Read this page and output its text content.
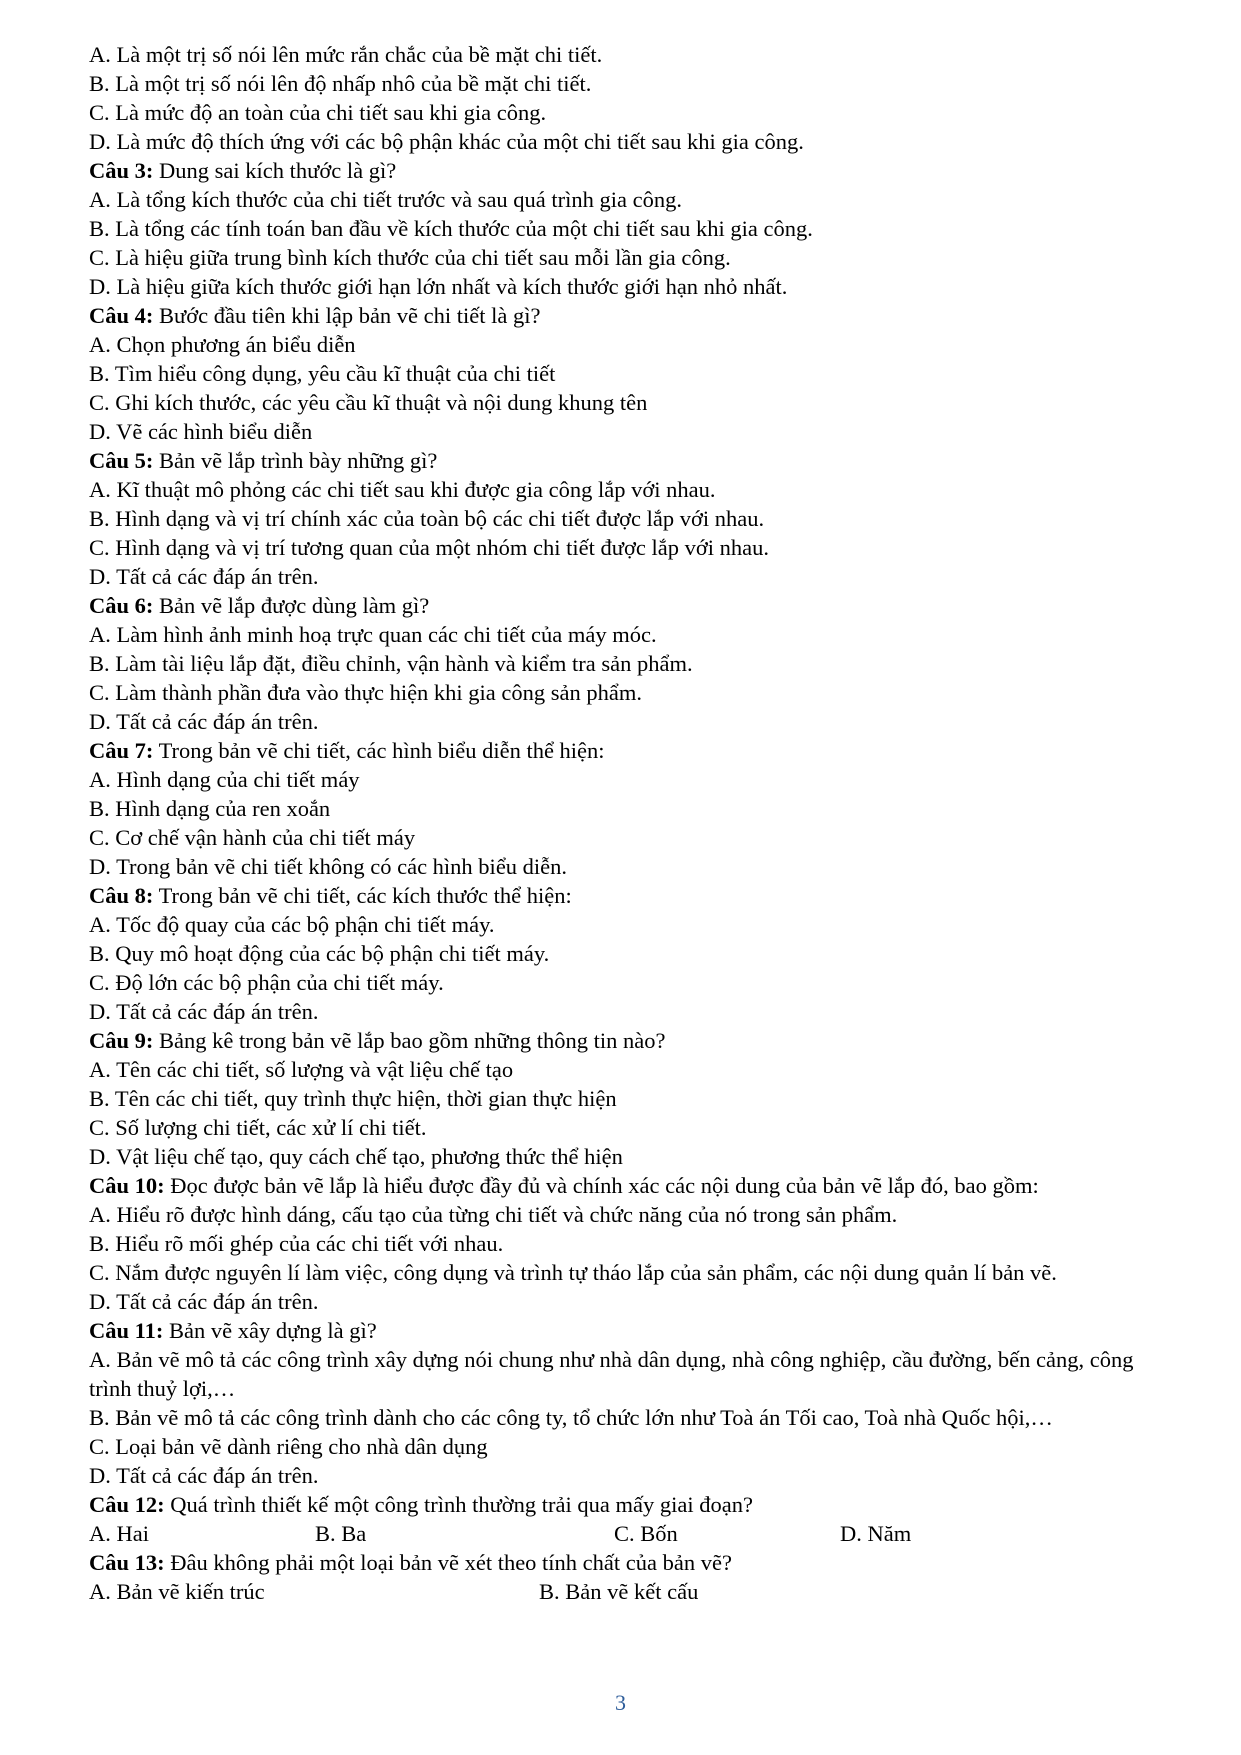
A. Là một trị số nói lên mức rắn chắc của bề mặt chi tiết.
B. Là một trị số nói lên độ nhấp nhô của bề mặt chi tiết.
C. Là mức độ an toàn của chi tiết sau khi gia công.
D. Là mức độ thích ứng với các bộ phận khác của một chi tiết sau khi gia công.
Câu 3: Dung sai kích thước là gì?
A. Là tổng kích thước của chi tiết trước và sau quá trình gia công.
B. Là tổng các tính toán ban đầu về kích thước của một chi tiết sau khi gia công.
C. Là hiệu giữa trung bình kích thước của chi tiết sau mỗi lần gia công.
D. Là hiệu giữa kích thước giới hạn lớn nhất và kích thước giới hạn nhỏ nhất.
Câu 4: Bước đầu tiên khi lập bản vẽ chi tiết là gì?
A. Chọn phương án biểu diễn
B. Tìm hiểu công dụng, yêu cầu kĩ thuật của chi tiết
C. Ghi kích thước, các yêu cầu kĩ thuật và nội dung khung tên
D. Vẽ các hình biểu diễn
Câu 5: Bản vẽ lắp trình bày những gì?
A. Kĩ thuật mô phỏng các chi tiết sau khi được gia công lắp với nhau.
B. Hình dạng và vị trí chính xác của toàn bộ các chi tiết được lắp với nhau.
C. Hình dạng và vị trí tương quan của một nhóm chi tiết được lắp với nhau.
D. Tất cả các đáp án trên.
Câu 6: Bản vẽ lắp được dùng làm gì?
A. Làm hình ảnh minh hoạ trực quan các chi tiết của máy móc.
B. Làm tài liệu lắp đặt, điều chỉnh, vận hành và kiểm tra sản phẩm.
C. Làm thành phần đưa vào thực hiện khi gia công sản phẩm.
D. Tất cả các đáp án trên.
Câu 7: Trong bản vẽ chi tiết, các hình biểu diễn thể hiện:
A. Hình dạng của chi tiết máy
B. Hình dạng của ren xoắn
C. Cơ chế vận hành của chi tiết máy
D. Trong bản vẽ chi tiết không có các hình biểu diễn.
Câu 8: Trong bản vẽ chi tiết, các kích thước thể hiện:
A. Tốc độ quay của các bộ phận chi tiết máy.
B. Quy mô hoạt động của các bộ phận chi tiết máy.
C. Độ lớn các bộ phận của chi tiết máy.
D. Tất cả các đáp án trên.
Câu 9: Bảng kê trong bản vẽ lắp bao gồm những thông tin nào?
A. Tên các chi tiết, số lượng và vật liệu chế tạo
B. Tên các chi tiết, quy trình thực hiện, thời gian thực hiện
C. Số lượng chi tiết, các xử lí chi tiết.
D. Vật liệu chế tạo, quy cách chế tạo, phương thức thể hiện
Câu 10: Đọc được bản vẽ lắp là hiểu được đầy đủ và chính xác các nội dung của bản vẽ lắp đó, bao gồm:
A. Hiểu rõ được hình dáng, cấu tạo của từng chi tiết và chức năng của nó trong sản phẩm.
B. Hiểu rõ mối ghép của các chi tiết với nhau.
C. Nắm được nguyên lí làm việc, công dụng và trình tự tháo lắp của sản phẩm, các nội dung quản lí bản vẽ.
D. Tất cả các đáp án trên.
Câu 11: Bản vẽ xây dựng là gì?
A. Bản vẽ mô tả các công trình xây dựng nói chung như nhà dân dụng, nhà công nghiệp, cầu đường, bến cảng, công trình thuỷ lợi,…
B. Bản vẽ mô tả các công trình dành cho các công ty, tổ chức lớn như Toà án Tối cao, Toà nhà Quốc hội,…
C. Loại bản vẽ dành riêng cho nhà dân dụng
D. Tất cả các đáp án trên.
Câu 12: Quá trình thiết kế một công trình thường trải qua mấy giai đoạn?
A. Hai	B. Ba	C. Bốn	D. Năm
Câu 13: Đâu không phải một loại bản vẽ xét theo tính chất của bản vẽ?
A. Bản vẽ kiến trúc	B. Bản vẽ kết cấu
3
